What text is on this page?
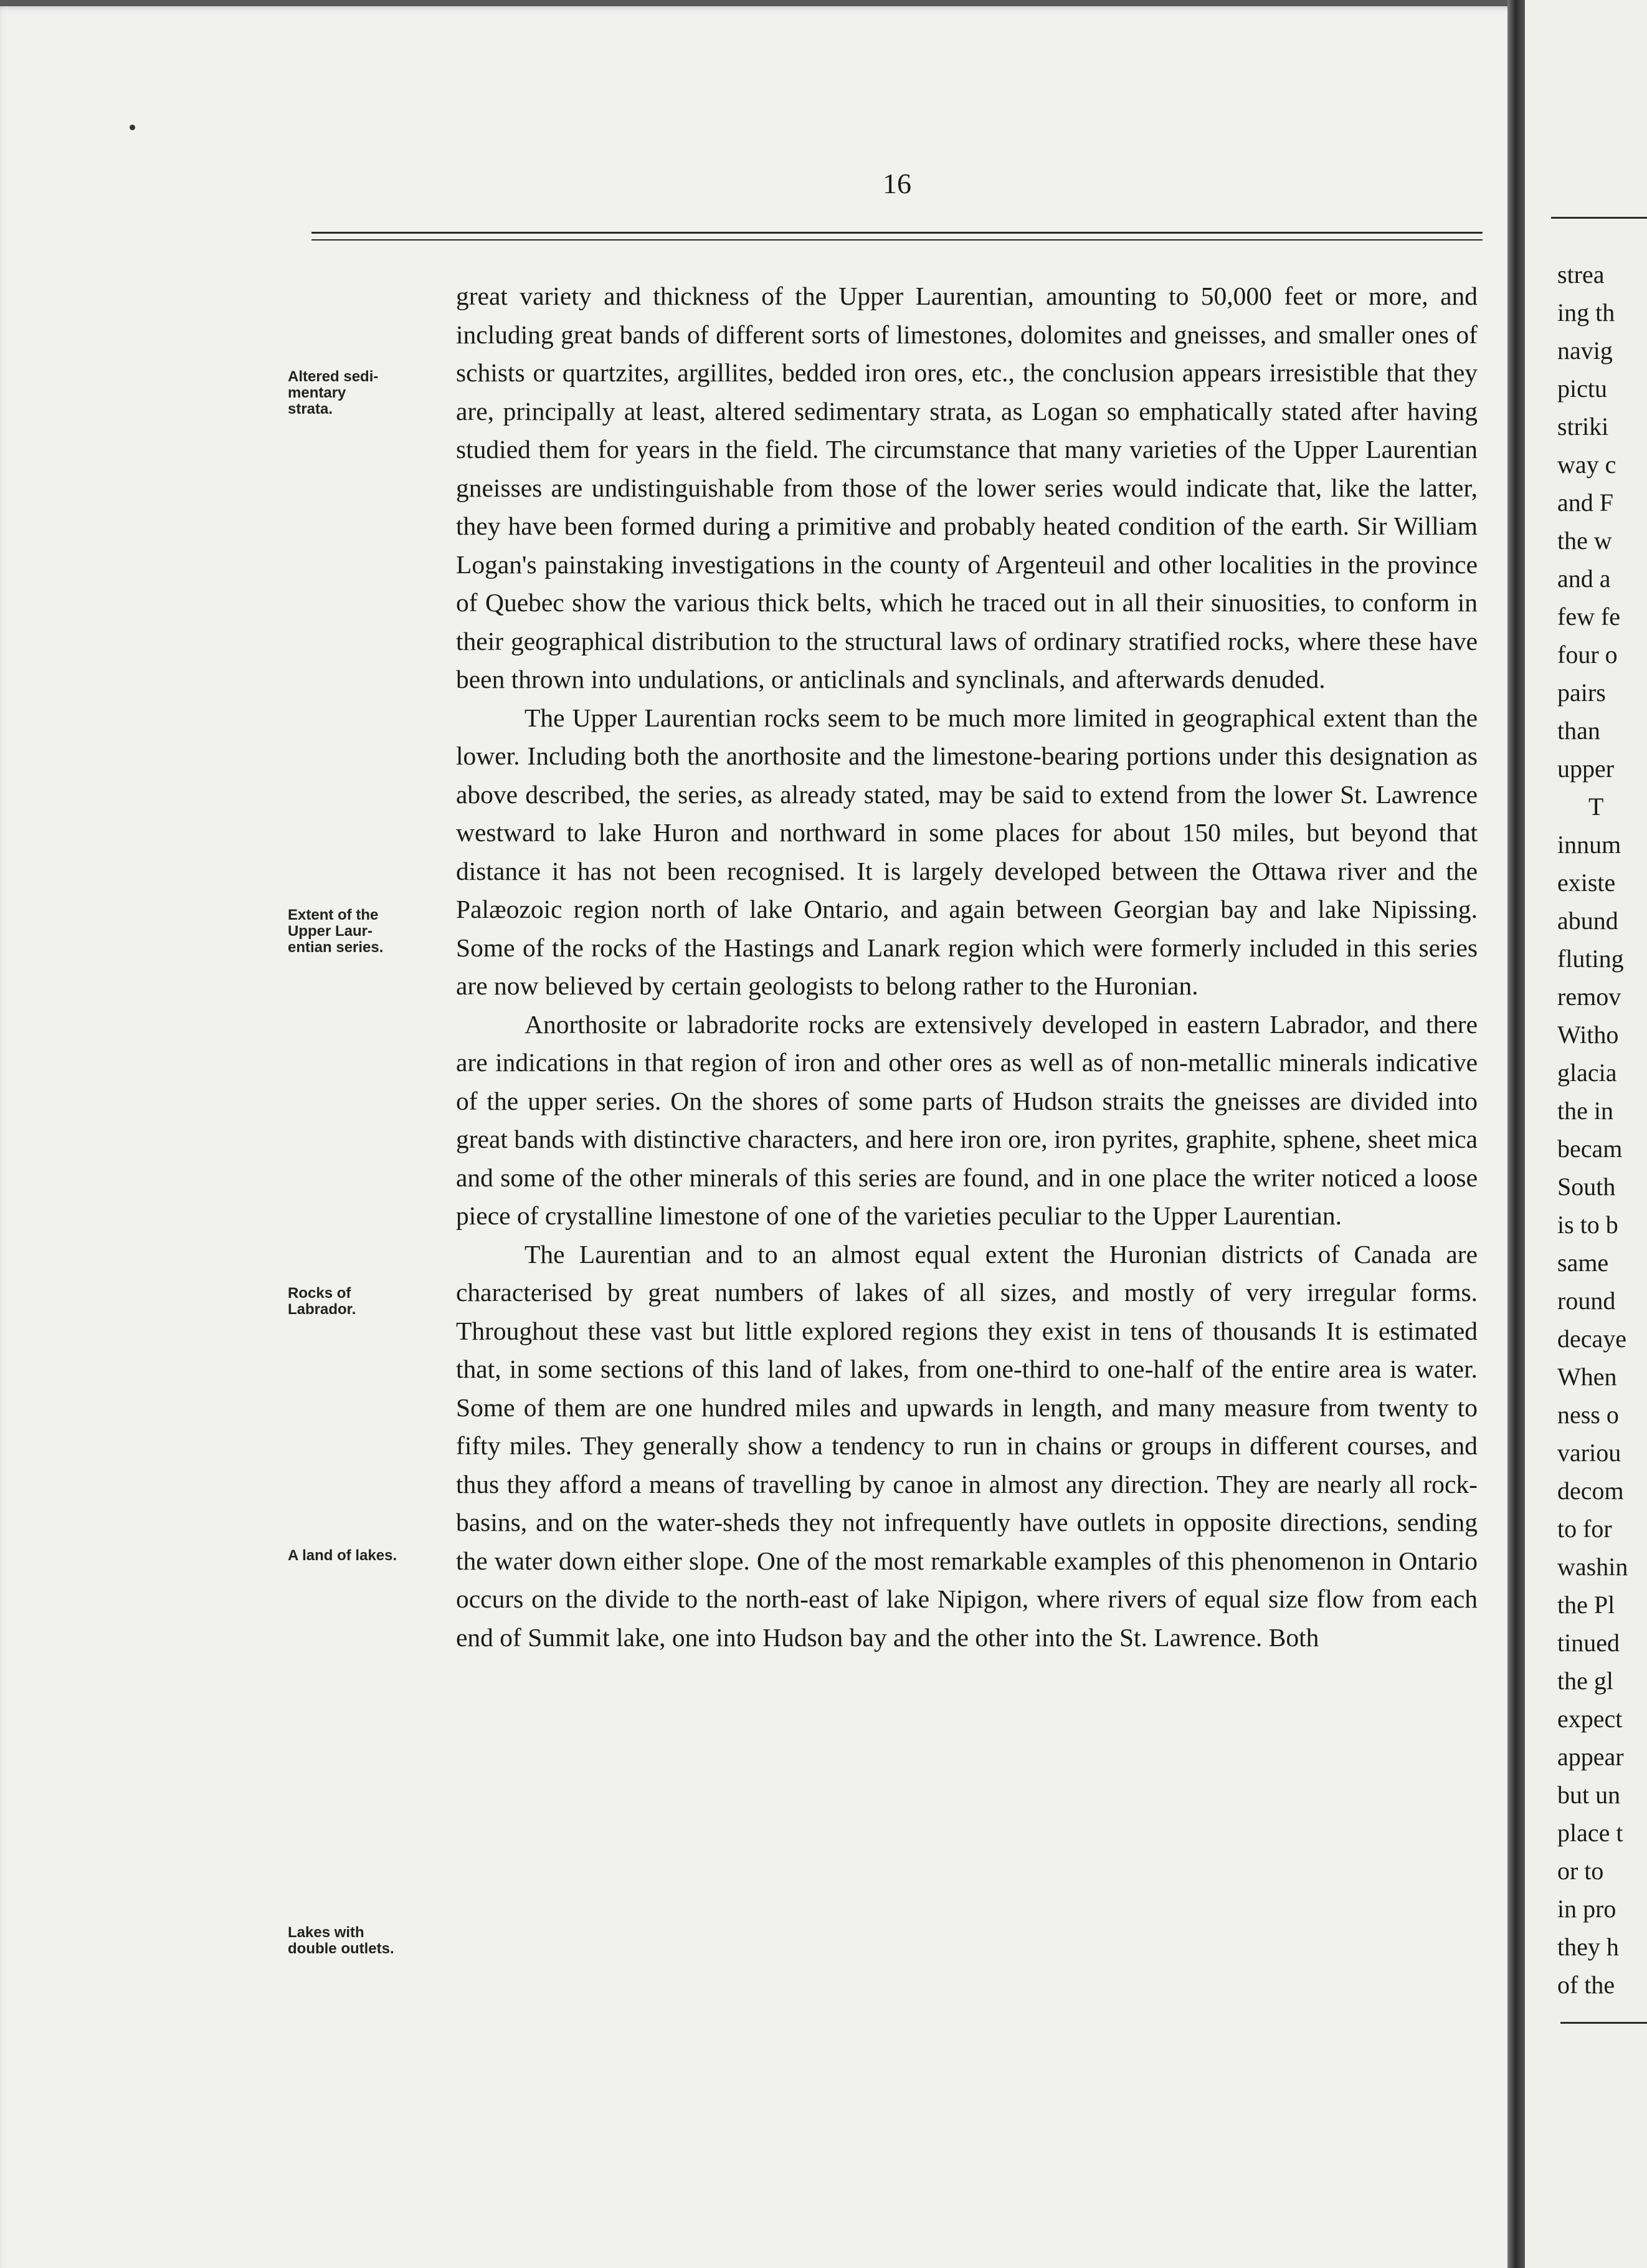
16
Altered sedi-
mentary
strata.
Extent of the
Upper Laur-
entian series.
Rocks of
Labrador.
A land of lakes.
Lakes with
double outlets.

great variety and thickness of the Upper Laurentian, amounting to 50,000 feet or more, and including great bands of different sorts of limestones, dolomites and gneisses, and smaller ones of schists or quartzites, argillites, bedded iron ores, etc., the conclusion appears irresistible that they are, principally at least, altered sedimentary strata, as Logan so emphatically stated after having studied them for years in the field. The circumstance that many varieties of the Upper Laurentian gneisses are undistinguishable from those of the lower series would indicate that, like the latter, they have been formed during a primitive and probably heated condition of the earth. Sir William Logan's painstaking investigations in the county of Argenteuil and other localities in the province of Quebec show the various thick belts, which he traced out in all their sinuosities, to conform in their geographical distribution to the structural laws of ordinary stratified rocks, where these have been thrown into undulations, or anticlinals and synclinals, and afterwards denuded.

The Upper Laurentian rocks seem to be much more limited in geographical extent than the lower. Including both the anorthosite and the limestone-bearing portions under this designation as above described, the series, as already stated, may be said to extend from the lower St. Lawrence westward to lake Huron and northward in some places for about 150 miles, but beyond that distance it has not been recognised. It is largely developed between the Ottawa river and the Palæozoic region north of lake Ontario, and again between Georgian bay and lake Nipissing. Some of the rocks of the Hastings and Lanark region which were formerly included in this series are now believed by certain geologists to belong rather to the Huronian.

Anorthosite or labradorite rocks are extensively developed in eastern Labrador, and there are indications in that region of iron and other ores as well as of non-metallic minerals indicative of the upper series. On the shores of some parts of Hudson straits the gneisses are divided into great bands with distinctive characters, and here iron ore, iron pyrites, graphite, sphene, sheet mica and some of the other minerals of this series are found, and in one place the writer noticed a loose piece of crystalline limestone of one of the varieties peculiar to the Upper Laurentian.

The Laurentian and to an almost equal extent the Huronian districts of Canada are characterised by great numbers of lakes of all sizes, and mostly of very irregular forms. Throughout these vast but little explored regions they exist in tens of thousands It is estimated that, in some sections of this land of lakes, from one-third to one-half of the entire area is water. Some of them are one hundred miles and upwards in length, and many measure from twenty to fifty miles. They generally show a tendency to run in chains or groups in different courses, and thus they afford a means of travelling by canoe in almost any direction. They are nearly all rock-basins, and on the water-sheds they not infrequently have outlets in opposite directions, sending the water down either slope. One of the most remarkable examples of this phenomenon in Ontario occurs on the divide to the north-east of lake Nipigon, where rivers of equal size flow from each end of Summit lake, one into Hudson bay and the other into the St. Lawrence. Both

strea
ing th
navig
pictu
striki
way c
and F
the w
and a
few fe
four o
pairs
than
upper
T
innum
existe
abund
fluting
remov
Witho
glacia
the in
becam
South
is to b
same
round
decaye
When
ness o
variou
decom
to for
washin
the Pl
tinued
the gl
expect
appear
but un
place t
or to
in pro
they h
of the
